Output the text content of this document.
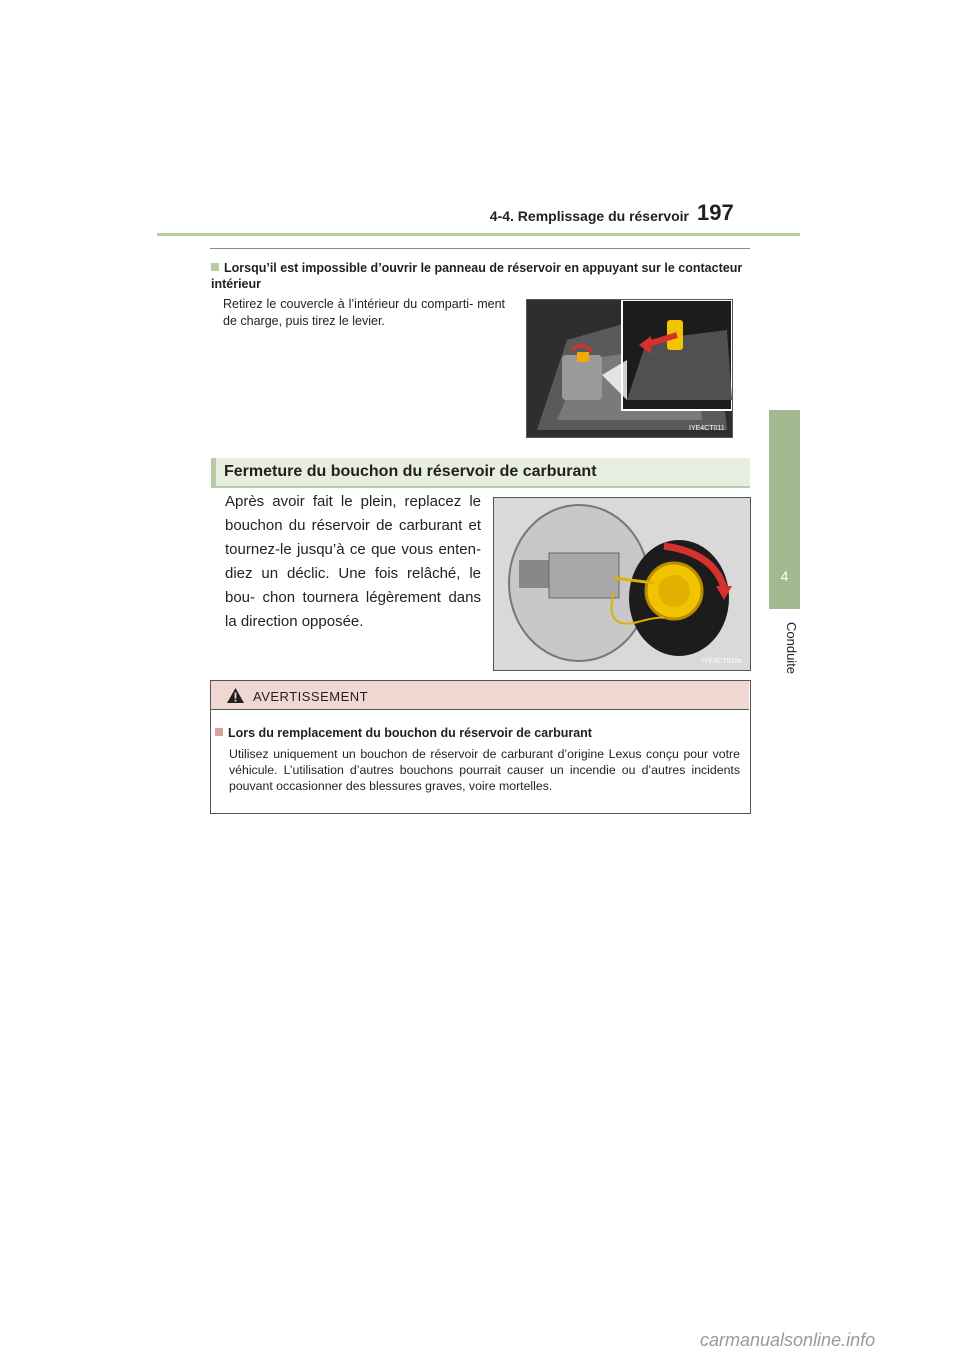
4-4. Remplissage du réservoir 197
4
Conduite
Lorsqu’il est impossible d’ouvrir le panneau de réservoir en appuyant sur le contacteur intérieur
Retirez le couvercle à l’intérieur du comparti- ment de charge, puis tirez le levier.
IYE4CT011
Fermeture du bouchon du réservoir de carburant
Après avoir fait le plein, replacez le bouchon du réservoir de carburant et tournez-le jusqu’à ce que vous enten- diez un déclic. Une fois relâché, le bou- chon tournera légèrement dans la direction opposée.
IYE4CT010a
AVERTISSEMENT
Lors du remplacement du bouchon du réservoir de carburant
Utilisez uniquement un bouchon de réservoir de carburant d’origine Lexus conçu pour votre véhicule. L’utilisation d’autres bouchons pourrait causer un incendie ou d’autres incidents pouvant occasionner des blessures graves, voire mortelles.
carmanualsonline.info
